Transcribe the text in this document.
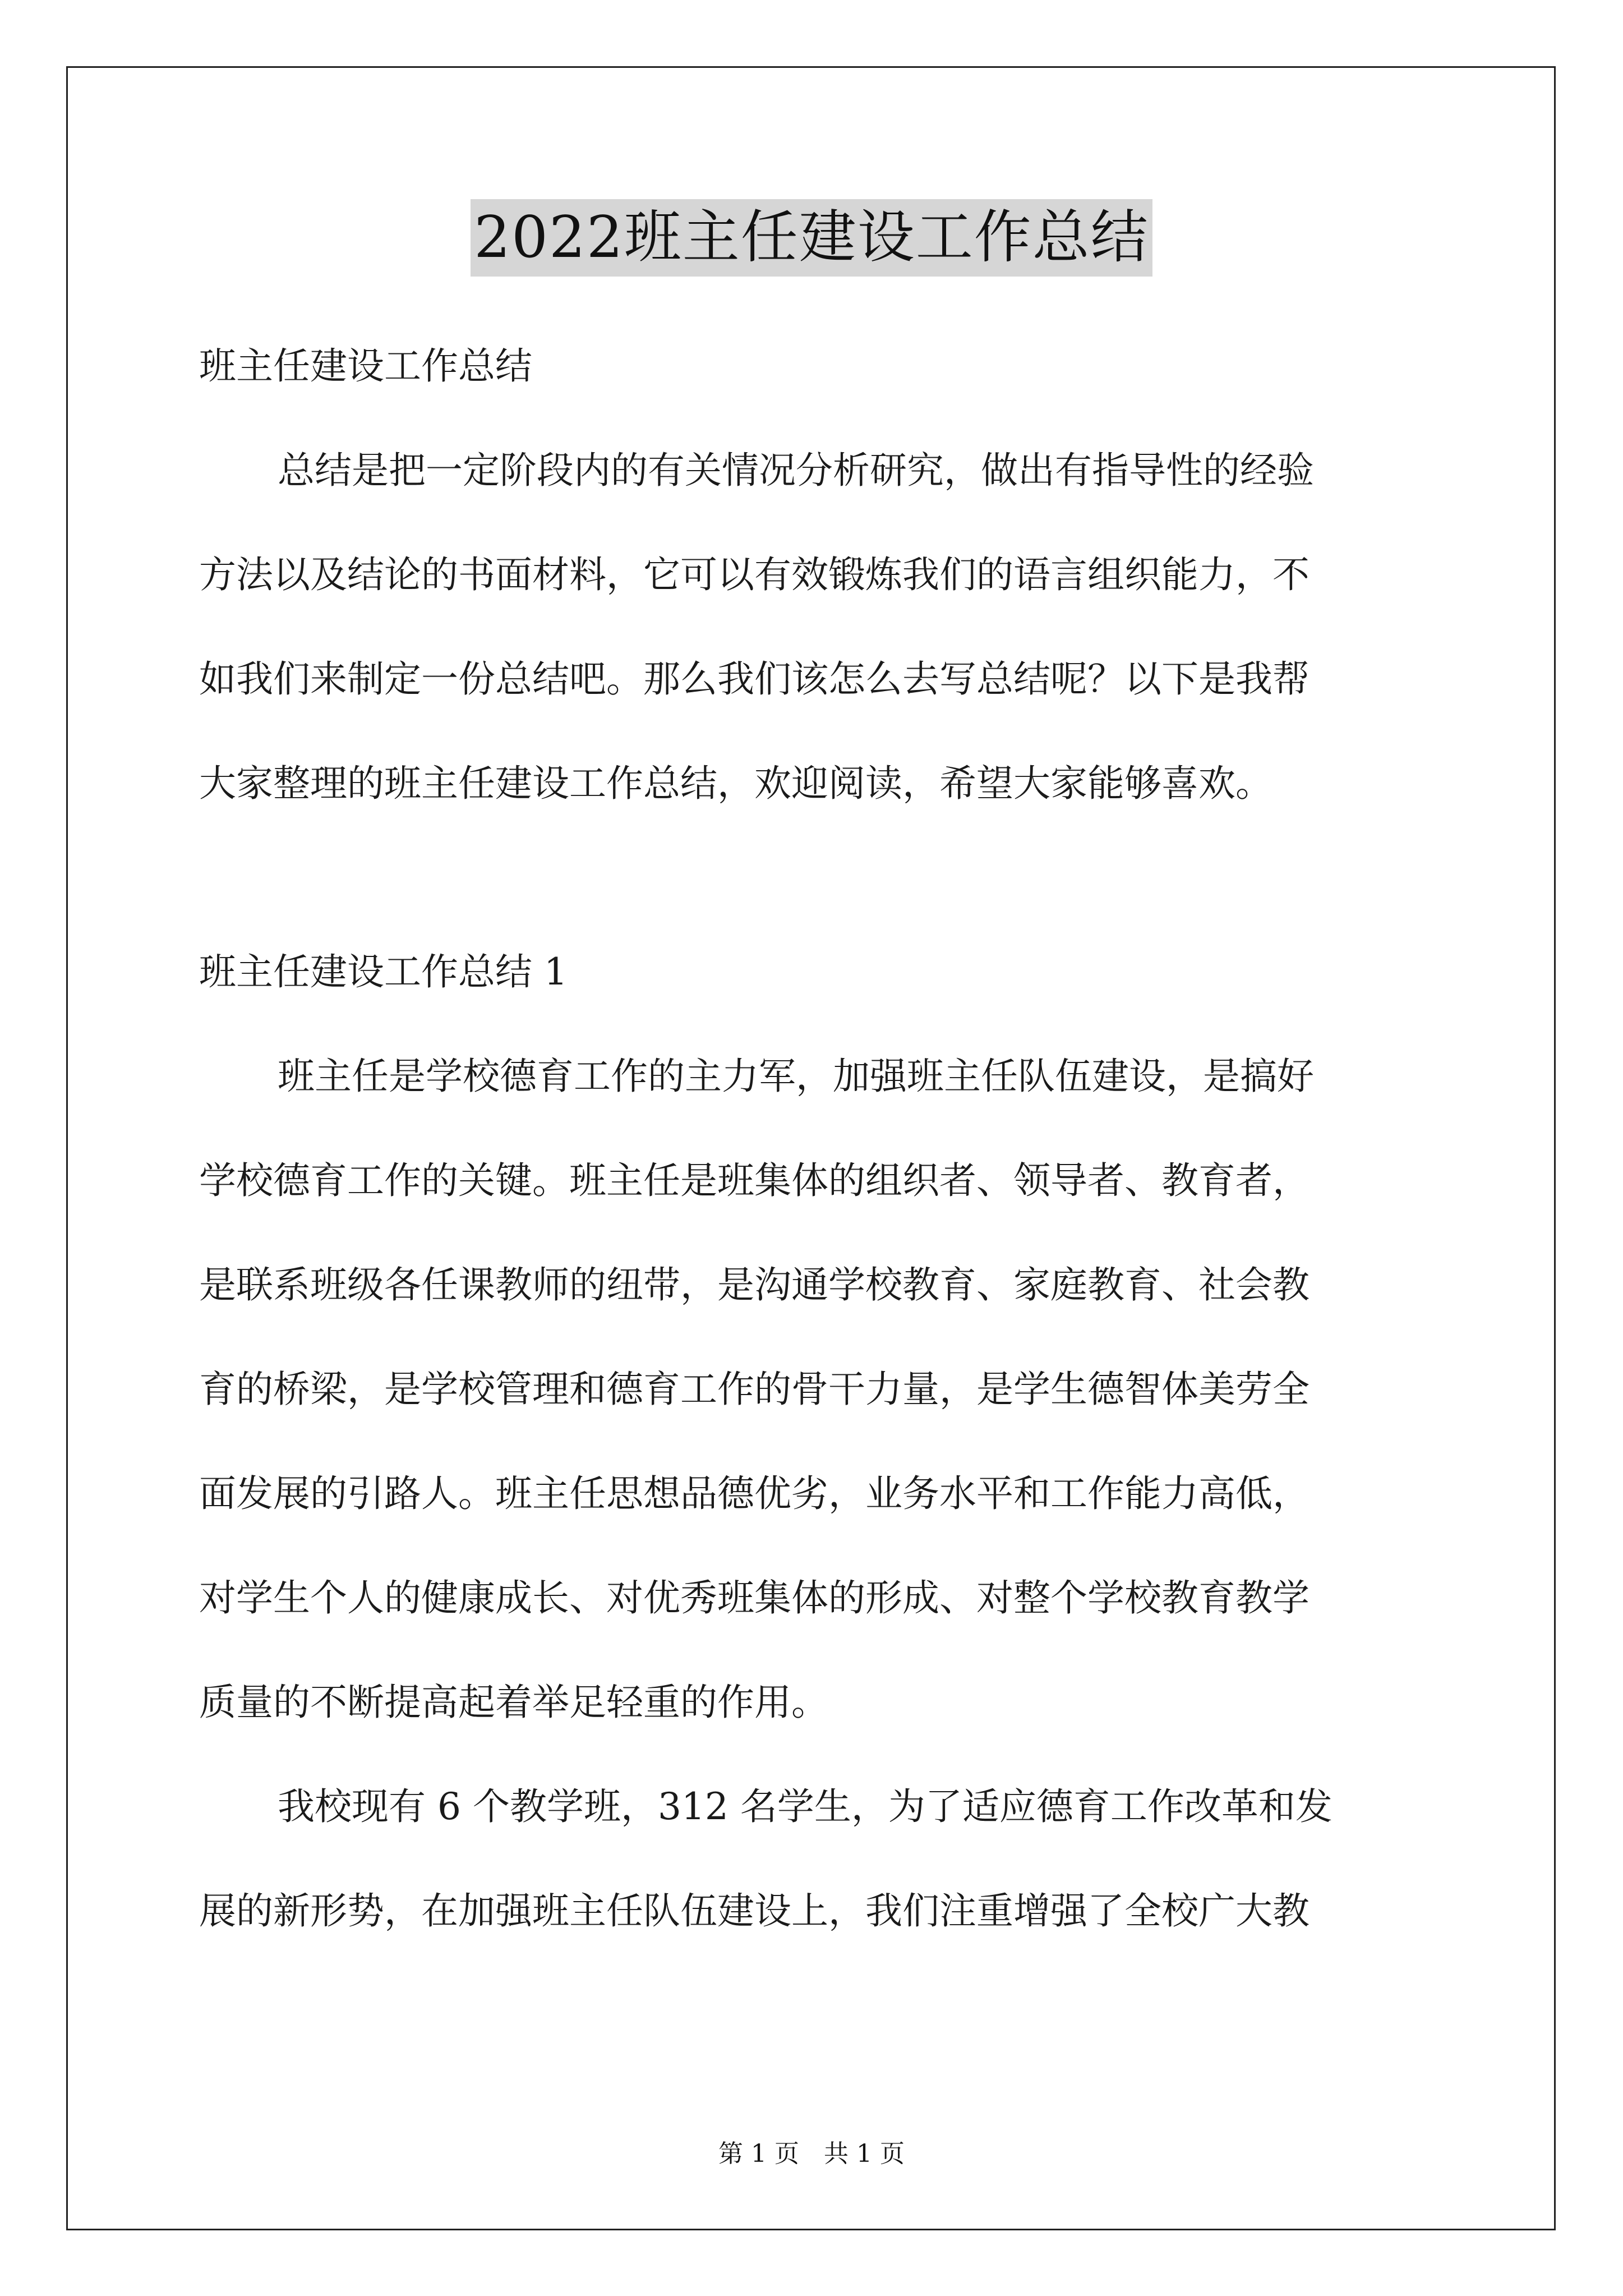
2022班主任建设工作总结
班主任建设工作总结
总结是把一定阶段内的有关情况分析研究，做出有指导性的经验
方法以及结论的书面材料，它可以有效锻炼我们的语言组织能力，不
如我们来制定一份总结吧。那么我们该怎么去写总结呢？以下是我帮
大家整理的班主任建设工作总结，欢迎阅读，希望大家能够喜欢。
班主任建设工作总结 1
班主任是学校德育工作的主力军，加强班主任队伍建设，是搞好
学校德育工作的关键。班主任是班集体的组织者、领导者、教育者，
是联系班级各任课教师的纽带，是沟通学校教育、家庭教育、社会教
育的桥梁，是学校管理和德育工作的骨干力量，是学生德智体美劳全
面发展的引路人。班主任思想品德优劣，业务水平和工作能力高低，
对学生个人的健康成长、对优秀班集体的形成、对整个学校教育教学
质量的不断提高起着举足轻重的作用。
我校现有 6 个教学班，312 名学生，为了适应德育工作改革和发
展的新形势，在加强班主任队伍建设上，我们注重增强了全校广大教
第 1 页 共 1 页
